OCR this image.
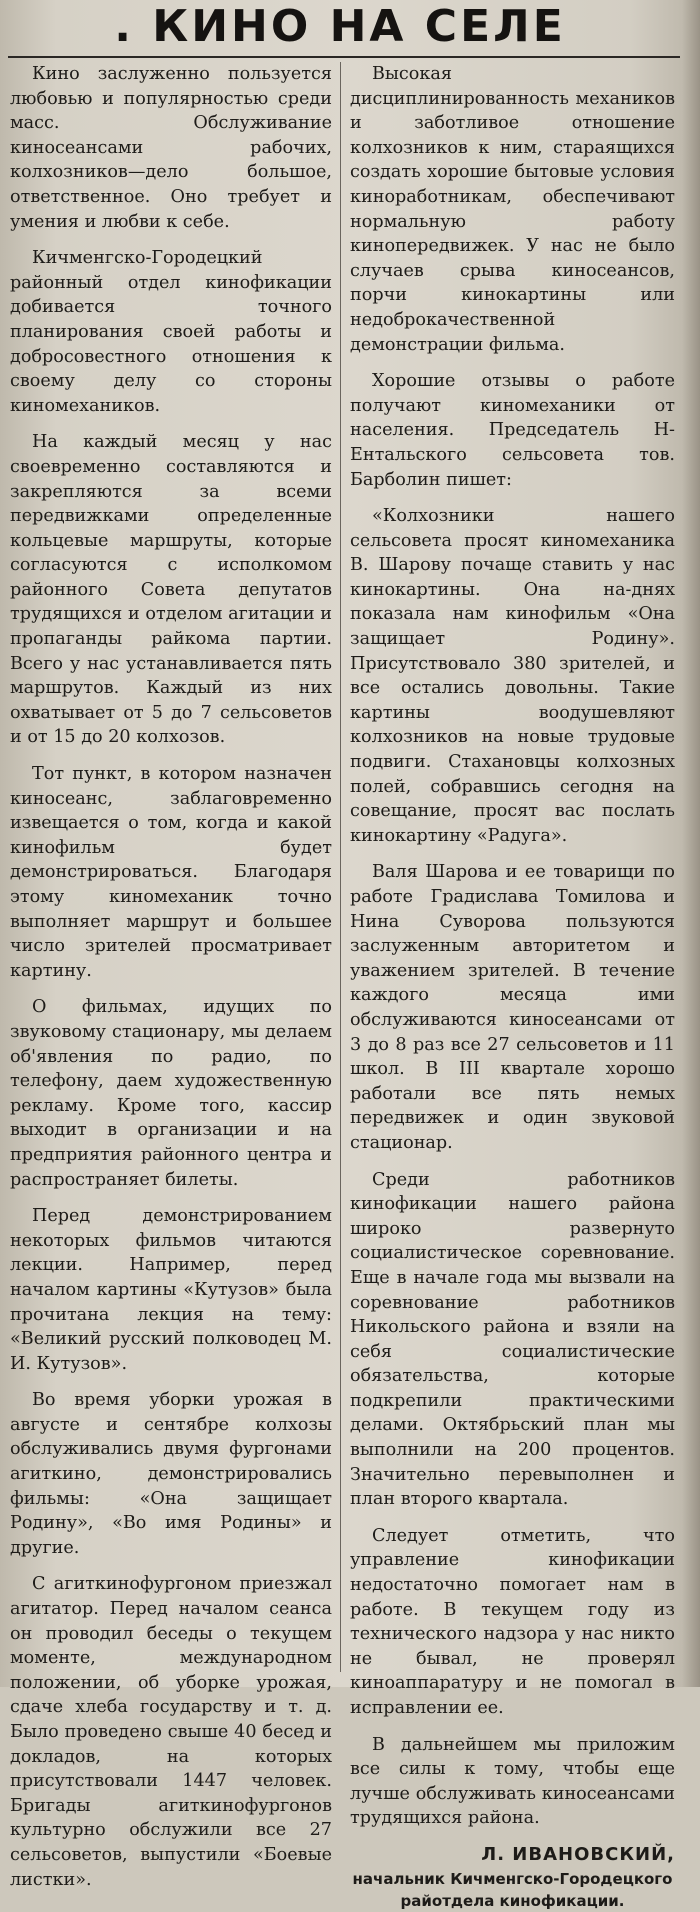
. КИНО НА СЕЛЕ

Кино заслуженно пользуется любовью и популярностью среди масс. Обслуживание киносеансами рабочих, колхозников—дело большое, ответственное. Оно требует и умения и любви к себе.

Кичменгско-Городецкий районный отдел кинофикации добивается точного планирования своей работы и добросовестного отношения к своему делу со стороны киномехаников.

На каждый месяц у нас своевременно составляются и закрепляются за всеми передвижками определенные кольцевые маршруты, которые согласуются с исполкомом районного Совета депутатов трудящихся и отделом агитации и пропаганды райкома партии. Всего у нас устанавливается пять маршрутов. Каждый из них охватывает от 5 до 7 сельсоветов и от 15 до 20 колхозов.

Тот пункт, в котором назначен киносеанс, заблаговременно извещается о том, когда и какой кинофильм будет демонстрироваться. Благодаря этому киномеханик точно выполняет маршрут и большее число зрителей просматривает картину.

О фильмах, идущих по звуковому стационару, мы делаем об'явления по радио, по телефону, даем художественную рекламу. Кроме того, кассир выходит в организации и на предприятия районного центра и распространяет билеты.

Перед демонстрированием некоторых фильмов читаются лекции. Например, перед началом картины «Кутузов» была прочитана лекция на тему: «Великий русский полководец М. И. Кутузов».

Во время уборки урожая в августе и сентябре колхозы обслуживались двумя фургонами агиткино, демонстрировались фильмы: «Она защищает Родину», «Во имя Родины» и другие.

С агиткинофургоном приезжал агитатор. Перед началом сеанса он проводил беседы о текущем моменте, международном положении, об уборке урожая, сдаче хлеба государству и т. д. Было проведено свыше 40 бесед и докладов, на которых присутствовали 1447 человек. Бригады агиткинофургонов культурно обслужили все 27 сельсоветов, выпустили «Боевые листки».

Высокая дисциплинированность механиков и заботливое отношение колхозников к ним, стараящихся создать хорошие бытовые условия киноработникам, обеспечивают нормальную работу кинопередвижек. У нас не было случаев срыва киносеансов, порчи кинокартины или недоброкачественной демонстрации фильма.

Хорошие отзывы о работе получают киномеханики от населения. Председатель Н-Ентальского сельсовета тов. Барболин пишет:

«Колхозники нашего сельсовета просят киномеханика В. Шарову почаще ставить у нас кинокартины. Она на-днях показала нам кинофильм «Она защищает Родину». Присутствовало 380 зрителей, и все остались довольны. Такие картины воодушевляют колхозников на новые трудовые подвиги. Стахановцы колхозных полей, собравшись сегодня на совещание, просят вас послать кинокартину «Радуга».

Валя Шарова и ее товарищи по работе Градислава Томилова и Нина Суворова пользуются заслуженным авторитетом и уважением зрителей. В течение каждого месяца ими обслуживаются киносеансами от 3 до 8 раз все 27 сельсоветов и 11 школ. В III квартале хорошо работали все пять немых передвижек и один звуковой стационар.

Среди работников кинофикации нашего района широко развернуто социалистическое соревнование. Еще в начале года мы вызвали на соревнование работников Никольского района и взяли на себя социалистические обязательства, которые подкрепили практическими делами. Октябрьский план мы выполнили на 200 процентов. Значительно перевыполнен и план второго квартала.

Следует отметить, что управление кинофикации недостаточно помогает нам в работе. В текущем году из технического надзора у нас никто не бывал, не проверял киноаппаратуру и не помогал в исправлении ее.

В дальнейшем мы приложим все силы к тому, чтобы еще лучше обслуживать киносеансами трудящихся района.

Л. ИВАНОВСКИЙ,
начальник Кичменгско-Городецкого райотдела кинофикации.
